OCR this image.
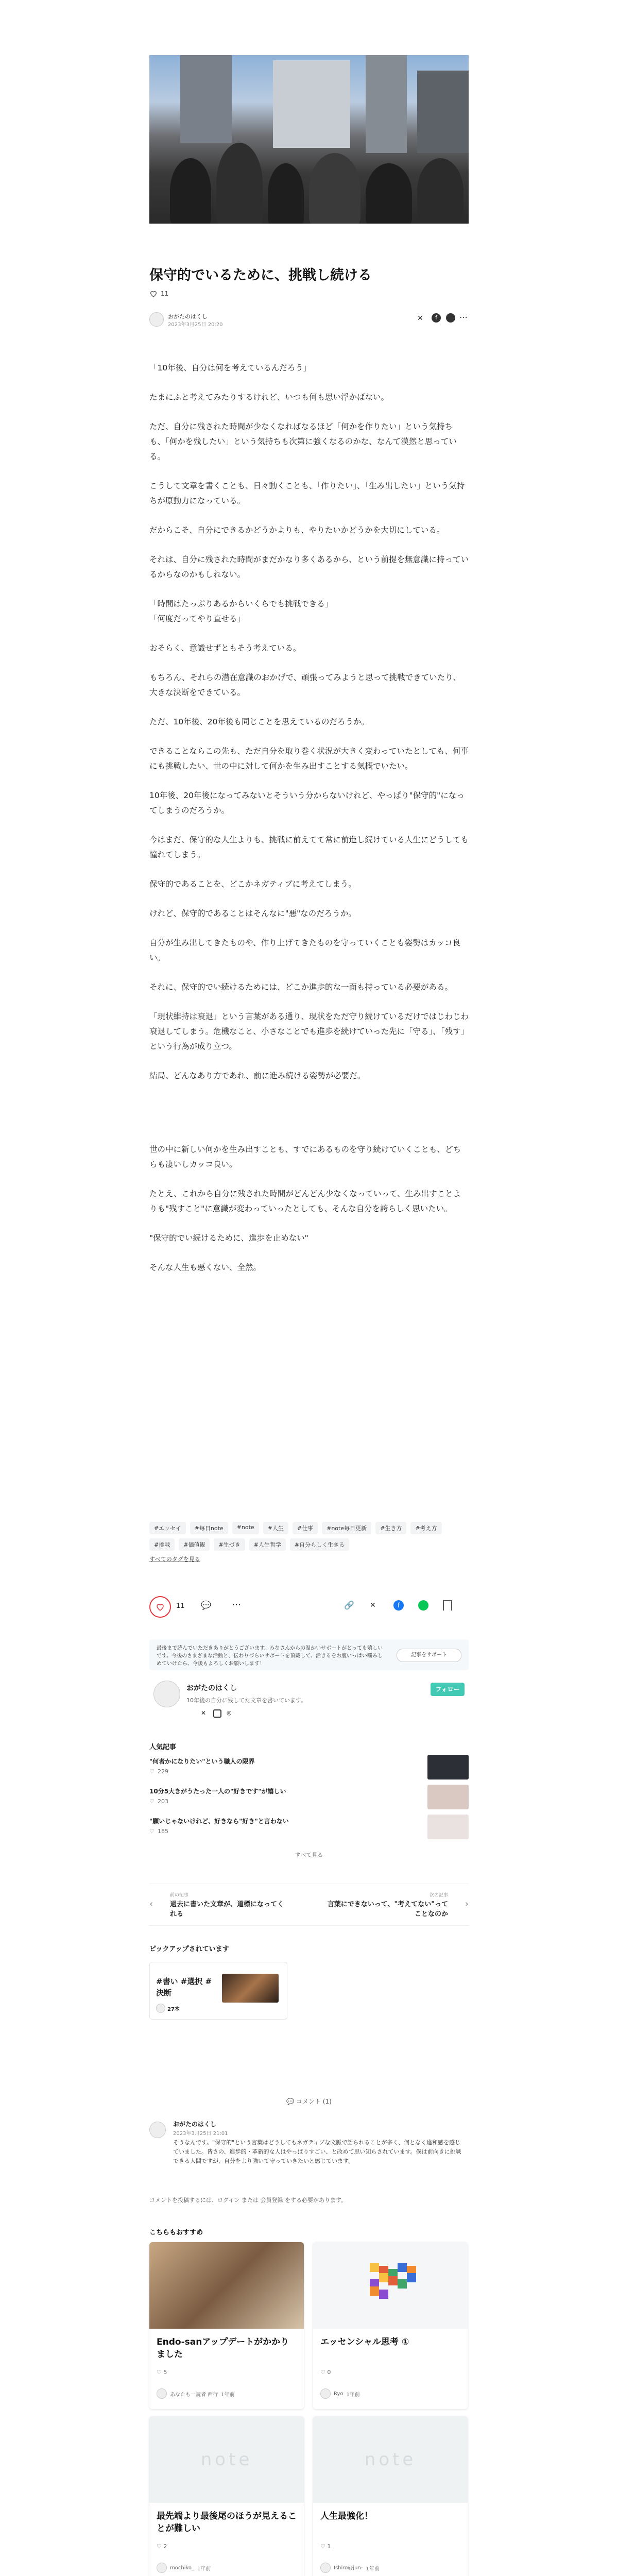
保守的でいるために、挑戦し続ける
11
おがたのはくし
2023年3月25日 20:20
✕	f	⋯

「10年後、自分は何を考えているんだろう」

たまにふと考えてみたりするけれど、いつも何も思い浮かばない。

ただ、自分に残された時間が少なくなればなるほど「何かを作りたい」という気持ちも、「何かを残したい」という気持ちも次第に強くなるのかな、なんて漠然と思っている。

こうして文章を書くことも、日々動くことも、「作りたい」、「生み出したい」という気持ちが原動力になっている。

だからこそ、自分にできるかどうかよりも、やりたいかどうかを大切にしている。

それは、自分に残された時間がまだかなり多くあるから、という前提を無意識に持っているからなのかもしれない。

「時間はたっぷりあるからいくらでも挑戦できる」
「何度だってやり直せる」

おそらく、意識せずともそう考えている。

もちろん、それらの潜在意識のおかげで、頑張ってみようと思って挑戦できていたり、大きな決断をできている。

ただ、10年後、20年後も同じことを思えているのだろうか。

できることならこの先も、ただ自分を取り巻く状況が大きく変わっていたとしても、何事にも挑戦したい、世の中に対して何かを生み出すことする気概でいたい。

10年後、20年後になってみないとそういう分からないけれど、やっぱり"保守的"になってしまうのだろうか。

今はまだ、保守的な人生よりも、挑戦に前えてて常に前進し続けている人生にどうしても憧れてしまう。

保守的であることを、どこかネガティブに考えてしまう。

けれど、保守的であることはそんなに"悪"なのだろうか。

自分が生み出してきたものや、作り上げてきたものを守っていくことも姿勢はカッコ良い。

それに、保守的でい続けるためには、どこか進歩的な一面も持っている必要がある。

「現状維持は衰退」という言葉がある通り、現状をただ守り続けているだけではじわじわ衰退してしまう。危機なこと、小さなことでも進歩を続けていった先に「守る」、「残す」という行為が成り立つ。

結局、どんなあり方であれ、前に進み続ける姿勢が必要だ。

世の中に新しい何かを生み出すことも、すでにあるものを守り続けていくことも、どちらも凄いしカッコ良い。

たとえ、これから自分に残された時間がどんどん少なくなっていって、生み出すことよりも"残すこと"に意識が変わっていったとしても、そんな自分を誇らしく思いたい。

"保守的でい続けるために、進歩を止めない"

そんな人生も悪くない、全然。

#エッセイ	#毎日note	#note	#人生	#仕事	#note毎日更新	#生き方	#考え方
#挑戦	#価値観	#生づき	#人生哲学	#自分らしく生きる
すべてのタグを見る
11 💬 ⋯	🔗 ✕	f
最後まで読んでいただきありがとうございます。みなさんからの温かいサポートがとっても嬉しいです。今後のさまざまな活動と、伝わりづらいサポートを頂戴して、活きるをお腹いっぱい噛みしめていけたら、今後もよろしくお願いします！
記事をサポート
おがたのはくし
10年後の自分に残してた文章を書いています。
✕	◎
フォロー
人気記事
"何者かになりたい"という職人の限界
♡ 229
10分5大きがうたった一人の"好きです"が嬉しい
♡ 203
"願いじゃないけれど、好きなら"好き"と言わない
♡ 185
すべて見る
‹
前の記事
過去に書いた文章が、道標になってくれる
次の記事
言葉にできないって、"考えてない"ってことなのか
›
ピックアップされています
#書い #選択 #決断
27本
💬 コメント (1)
おがたのはくし
2023年3月25日 21:01
そうなんです。"保守的"という言葉はどうしてもネガティブな文脈で語られることが多く、何となく違和感を感じていました。皆さの、進歩的・革新的な人はやっぱりすごい、と改めて思い知らされています。僕は前向きに挑戦できる人間ですが、自分をより強いて守っていきたいと感じています。
コメントを投稿するには、ログイン または 会員登録 をする必要があります。
こちらもおすすめ
Endo-sanアップデートがかかりました
♡ 5
あなたも一読者 西行 1年前
エッセンシャル思考 ①
♡ 0
Ryo 1年前
note
最先端より最後尾のほうが見えることが難しい
♡ 2
mochiko_ 1年前
note
人生最強化！
♡ 1
Ishiro@jun- 1年前
